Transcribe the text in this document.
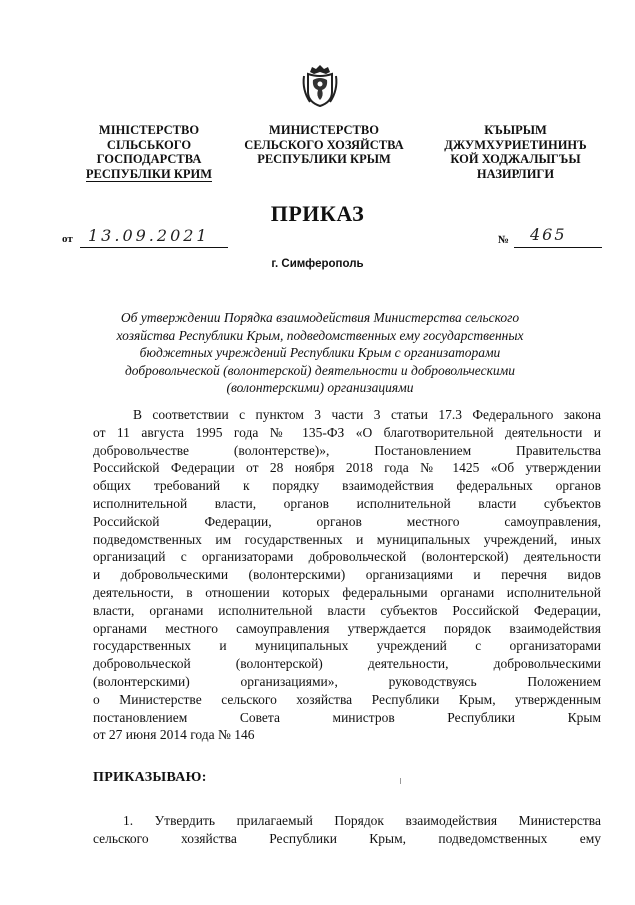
МІНІСТЕРСТВО
СІЛЬСЬКОГО
ГОСПОДАРСТВА
РЕСПУБЛІКИ КРИМ
МИНИСТЕРСТВО
СЕЛЬСКОГО ХОЗЯЙСТВА
РЕСПУБЛИКИ КРЫМ
КЪЫРЫМ
ДЖУМХУРИЕТИНИНЪ
КОЙ ХОДЖАЛЫГЪЫ
НАЗИРЛИГИ
ПРИКАЗ
от 13.09.2021	№ 465
г. Симферополь
Об утверждении Порядка взаимодействия Министерства сельского
хозяйства Республики Крым, подведомственных ему государственных
бюджетных учреждений Республики Крым с организаторами
добровольческой (волонтерской) деятельности и добровольческими
(волонтерскими) организациями
В соответствии с пунктом 3 части 3 статьи 17.3 Федерального закона
от 11 августа 1995 года № 135-ФЗ «О благотворительной деятельности и
добровольчестве (волонтерстве)», Постановлением Правительства
Российской Федерации от 28 ноября 2018 года № 1425 «Об утверждении
общих требований к порядку взаимодействия федеральных органов
исполнительной власти, органов исполнительной власти субъектов
Российской Федерации, органов местного самоуправления,
подведомственных им государственных и муниципальных учреждений, иных
организаций с организаторами добровольческой (волонтерской) деятельности
и добровольческими (волонтерскими) организациями и перечня видов
деятельности, в отношении которых федеральными органами исполнительной
власти, органами исполнительной власти субъектов Российской Федерации,
органами местного самоуправления утверждается порядок взаимодействия
государственных и муниципальных учреждений с организаторами
добровольческой (волонтерской) деятельности, добровольческими
(волонтерскими) организациями», руководствуясь Положением
о Министерстве сельского хозяйства Республики Крым, утвержденным
постановлением Совета министров Республики Крым
от 27 июня 2014 года № 146
ПРИКАЗЫВАЮ:
1. Утвердить прилагаемый Порядок взаимодействия Министерства
сельского хозяйства Республики Крым, подведомственных ему
